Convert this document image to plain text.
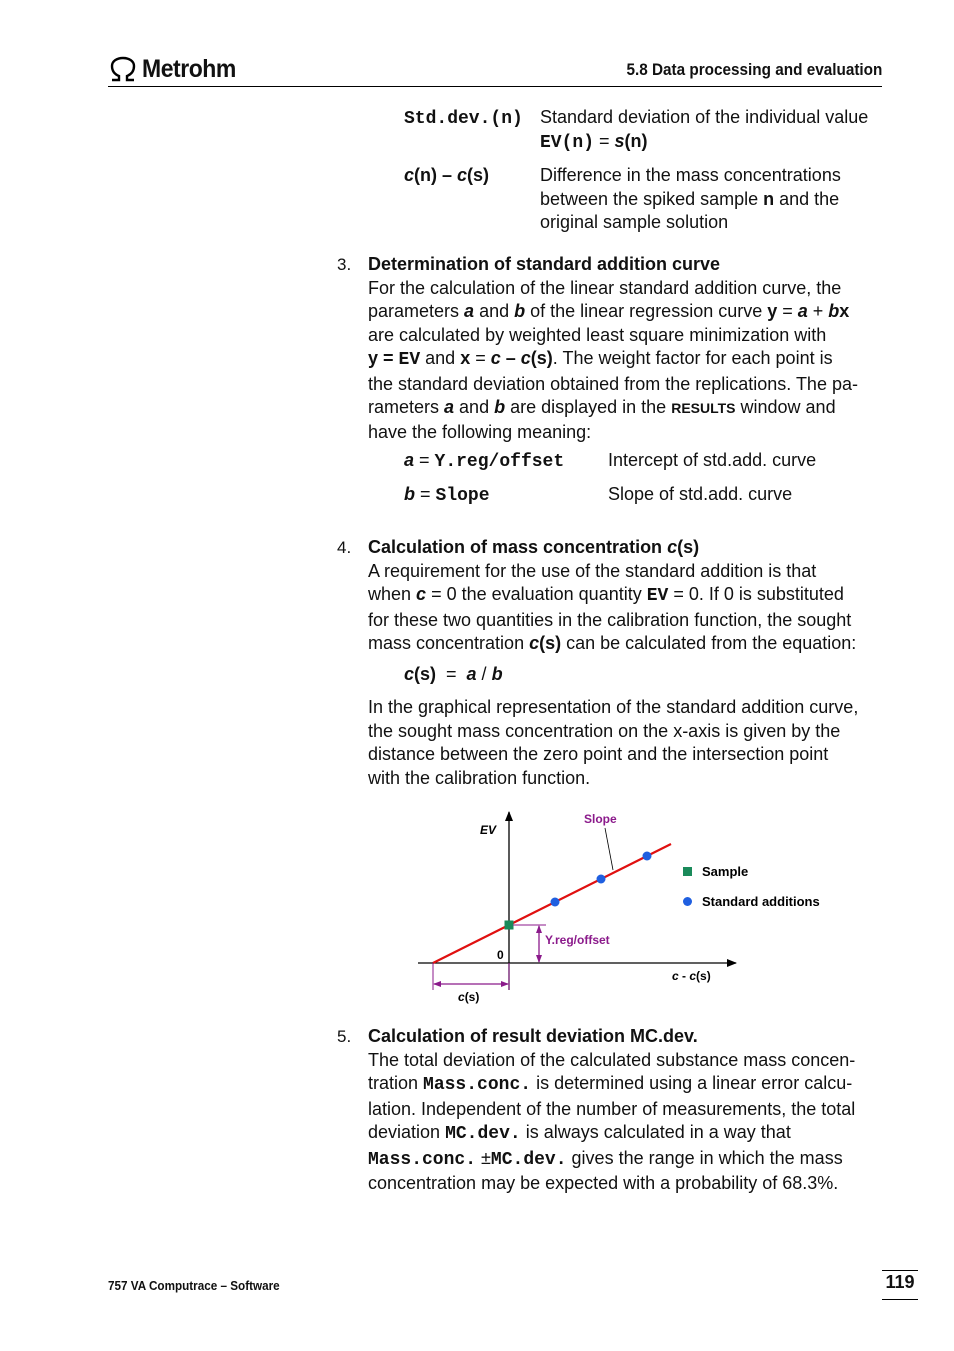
Metrohm	5.8 Data processing and evaluation
Std.dev.(n) Standard deviation of the individual value
EV(n) = s(n)
c(n) – c(s)	Difference in the mass concentrations
between the spiked sample n and the
original sample solution
3. Determination of standard addition curve
For the calculation of the linear standard addition curve, the
parameters a and b of the linear regression curve y = a + bx
are calculated by weighted least square minimization with
y = EV and x = c – c(s). The weight factor for each point is
the standard deviation obtained from the replications. The pa-
rameters a and b are displayed in the RESULTS window and
have the following meaning:
a = Y.reg/offset Intercept of std.add. curve
b = Slope	Slope of std.add. curve
4. Calculation of mass concentration c(s)
A requirement for the use of the standard addition is that
when c = 0 the evaluation quantity EV = 0. If 0 is substituted
for these two quantities in the calibration function, the sought
mass concentration c(s) can be calculated from the equation:
c(s)  =  a / b
In the graphical representation of the standard addition curve,
the sought mass concentration on the x-axis is given by the
distance between the zero point and the intersection point
with the calibration function.
EV
0
c - c(s)
Slope
Y.reg/offset
c(s)
Sample
Standard additions
5. Calculation of result deviation MC.dev.
The total deviation of the calculated substance mass concen-
tration Mass.conc. is determined using a linear error calcu-
lation. Independent of the number of measurements, the total
deviation MC.dev. is always calculated in a way that
Mass.conc. ±MC.dev. gives the range in which the mass
concentration may be expected with a probability of 68.3%.
757 VA Computrace – Software	119
